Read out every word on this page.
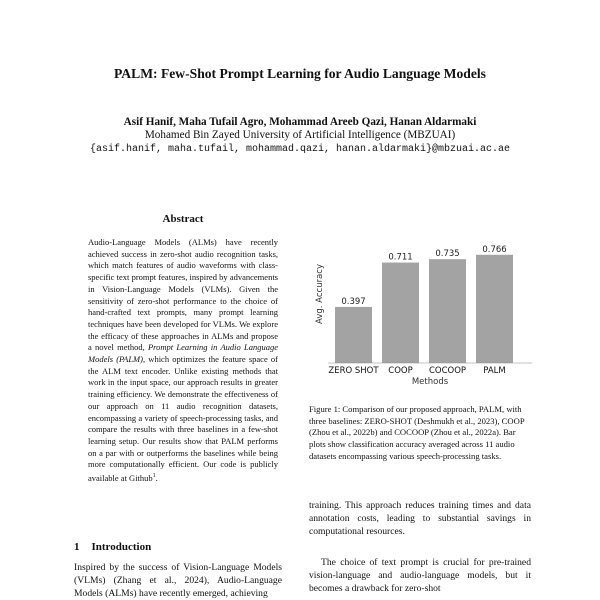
PALM: Few-Shot Prompt Learning for Audio Language Models
Asif Hanif, Maha Tufail Agro, Mohammad Areeb Qazi, Hanan Aldarmaki
Mohamed Bin Zayed University of Artificial Intelligence (MBZUAI)
{asif.hanif, maha.tufail, mohammad.qazi, hanan.aldarmaki}@mbzuai.ac.ae
Abstract

Audio-Language Models (ALMs) have recently achieved success in zero-shot audio recognition tasks, which match features of audio waveforms with class-specific text prompt features, inspired by advancements in Vision-Language Models (VLMs). Given the sensitivity of zero-shot performance to the choice of hand-crafted text prompts, many prompt learning techniques have been developed for VLMs. We explore the efficacy of these approaches in ALMs and propose a novel method, Prompt Learning in Audio Language Models (PALM), which optimizes the feature space of the ALM text encoder. Unlike existing methods that work in the input space, our approach results in greater training efficiency. We demonstrate the effectiveness of our approach on 11 audio recognition datasets, encompassing a variety of speech-processing tasks, and compare the results with three baselines in a few-shot learning setup. Our results show that PALM performs on a par with or outperforms the baselines while being more computationally efficient. Our code is publicly available at Github$^1$.

1 Introduction

Inspired by the success of Vision-Language Models (VLMs) (Zhang et al., 2024), Audio-Language Models (ALMs) have recently emerged, achieving

0.397
ZERO SHOT
0.711
COOP
0.735
COCOOP
0.766
PALM
Avg. Accuracy
Methods

Figure 1: Comparison of our proposed approach, PALM, with three baselines: ZERO-SHOT (Deshmukh et al., 2023), COOP (Zhou et al., 2022b) and COCOOP (Zhou et al., 2022a). Bar plots show classification accuracy averaged across 11 audio datasets encompassing various speech-processing tasks.

training. This approach reduces training times and data annotation costs, leading to substantial savings in computational resources.

The choice of text prompt is crucial for pre-trained vision-language and audio-language models, but it becomes a drawback for zero-shot
